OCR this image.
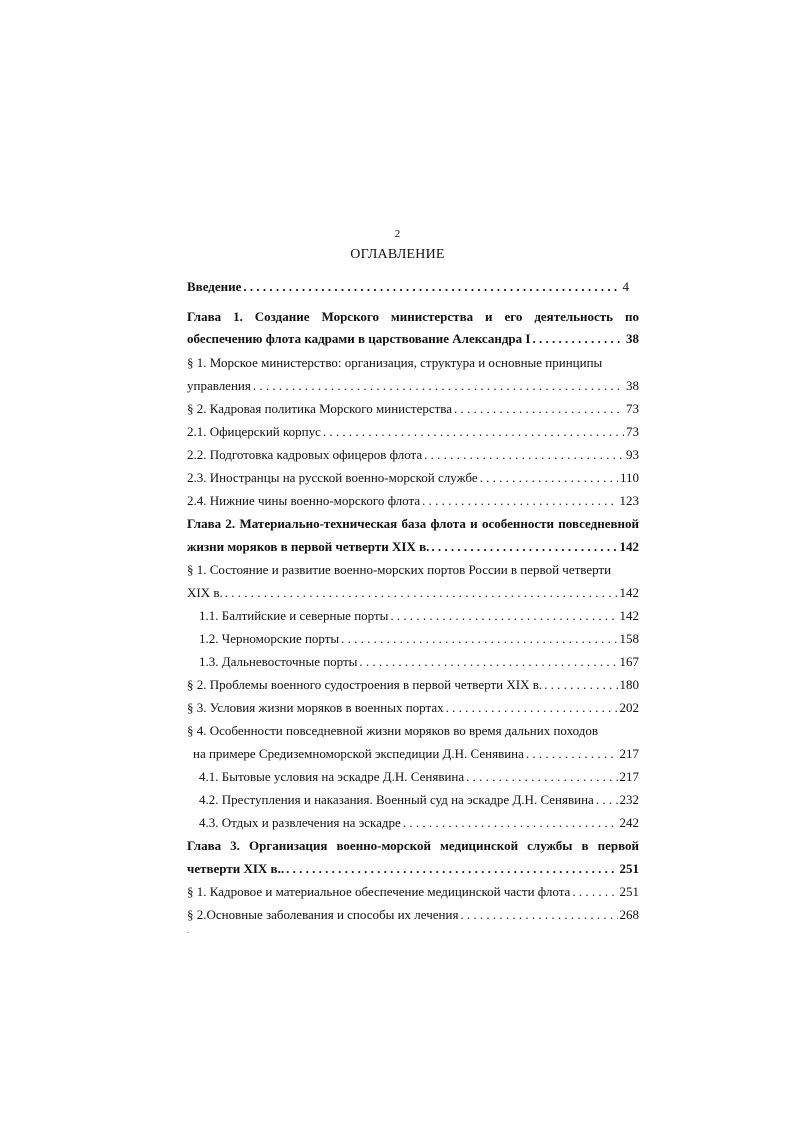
2
ОГЛАВЛЕНИЕ
Введение . . .	4
Глава 1. Создание Морского министерства и его деятельность по
обеспечению флота кадрами в царствование Александра I . . .	38
§ 1. Морское министерство: организация, структура и основные принципы
управления . . .	38
§ 2. Кадровая политика Морского министерства . . .	73
2.1. Офицерский корпус . . .	73
2.2. Подготовка кадровых офицеров флота . . .	93
2.3. Иностранцы на русской военно-морской службе . . .	110
2.4. Нижние чины военно-морского флота . . .	123
Глава 2. Материально-техническая база флота и особенности повседневной
жизни моряков в первой четверти XIX в. . . .	142
§ 1. Состояние и развитие военно-морских портов России в первой четверти
XIX в. . . .	142
1.1. Балтийские и северные порты . . .	142
1.2. Черноморские порты . . .	158
1.3. Дальневосточные порты . . .	167
§ 2. Проблемы военного судостроения в первой четверти XIX в. . . .	180
§ 3. Условия жизни моряков в военных портах . . .	202
§ 4. Особенности повседневной жизни моряков во время дальних походов
на примере Средиземноморской экспедиции Д.Н. Сенявина . . .	217
4.1. Бытовые условия на эскадре Д.Н. Сенявина . . .	217
4.2. Преступления и наказания. Военный суд на эскадре Д.Н. Сенявина . . . 232
4.3. Отдых и развлечения на эскадре . . .	242
Глава 3. Организация военно-морской медицинской службы в первой
четверти XIX в.. . . .	251
§ 1. Кадровое и материальное обеспечение медицинской части флота . . .	251
§ 2.Основные заболевания и способы их лечения . . .	268
